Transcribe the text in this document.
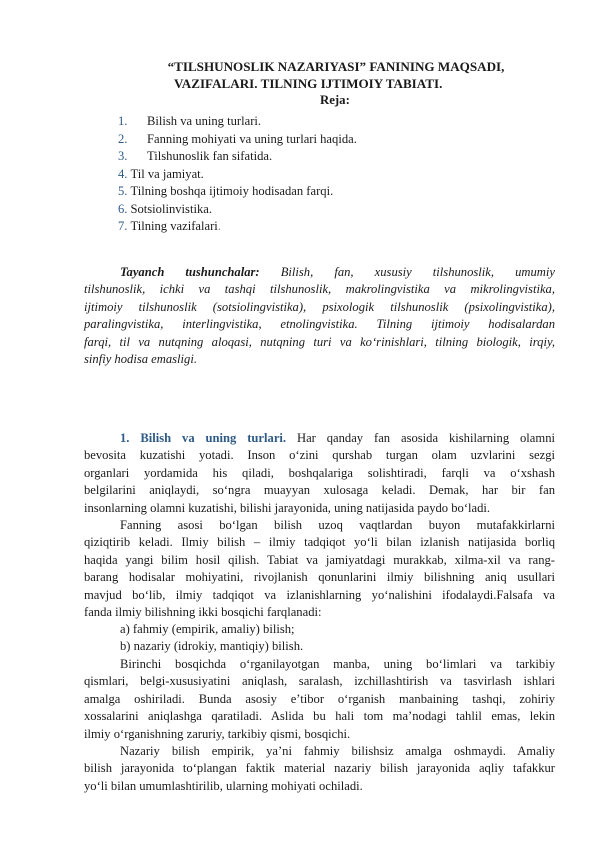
“TILSHUNOSLIK NAZARIYASI” FANINING MAQSADI,
VAZIFALARI. TILNING IJTIMOIY TABIATI.
Reja:
1. Bilish va uning turlari.
2. Fanning mohiyati va uning turlari haqida.
3. Tilshunoslik fan sifatida.
4. Til va jamiyat.
5. Tilning boshqa ijtimoiy hodisadan farqi.
6. Sotsiolinvistika.
7. Tilning vazifalari.
Tayanch tushunchalar: Bilish, fan, xususiy tilshunoslik, umumiy
tilshunoslik, ichki va tashqi tilshunoslik, makrolingvistika va mikrolingvistika,
ijtimoiy tilshunoslik (sotsiolingvistika), psixologik tilshunoslik (psixolingvistika),
paralingvistika, interlingvistika, etnolingvistika. Tilning ijtimoiy hodisalardan
farqi, til va nutqning aloqasi, nutqning turi va ko‘rinishlari, tilning biologik, irqiy,
sinfiy hodisa emasligi.
1. Bilish va uning turlari. Har qanday fan asosida kishilarning olamni
bevosita kuzatishi yotadi. Inson o‘zini qurshab turgan olam uzvlarini sezgi
organlari yordamida his qiladi, boshqalariga solishtiradi, farqli va o‘xshash
belgilarini aniqlaydi, so‘ngra muayyan xulosaga keladi. Demak, har bir fan
insonlarning olamni kuzatishi, bilishi jarayonida, uning natijasida paydo bo‘ladi.
Fanning asosi bo‘lgan bilish uzoq vaqtlardan buyon mutafakkirlarni
qiziqtirib keladi. Ilmiy bilish – ilmiy tadqiqot yo‘li bilan izlanish natijasida borliq
haqida yangi bilim hosil qilish. Tabiat va jamiyatdagi murakkab, xilma-xil va rang-
barang hodisalar mohiyatini, rivojlanish qonunlarini ilmiy bilishning aniq usullari
mavjud bo‘lib, ilmiy tadqiqot va izlanishlarning yo‘nalishini ifodalaydi.Falsafa va
fanda ilmiy bilishning ikki bosqichi farqlanadi:
a) fahmiy (empirik, amaliy) bilish;
b) nazariy (idrokiy, mantiqiy) bilish.
Birinchi bosqichda o‘rganilayotgan manba, uning bo‘limlari va tarkibiy
qismlari, belgi-xususiyatini aniqlash, saralash, izchillashtirish va tasvirlash ishlari
amalga oshiriladi. Bunda asosiy e’tibor o‘rganish manbaining tashqi, zohiriy
xossalarini aniqlashga qaratiladi. Aslida bu hali tom ma’nodagi tahlil emas, lekin
ilmiy o‘rganishning zaruriy, tarkibiy qismi, bosqichi.
Nazariy bilish empirik, ya’ni fahmiy bilishsiz amalga oshmaydi. Amaliy
bilish jarayonida to‘plangan faktik material nazariy bilish jarayonida aqliy tafakkur
yo‘li bilan umumlashtirilib, ularning mohiyati ochiladi.
